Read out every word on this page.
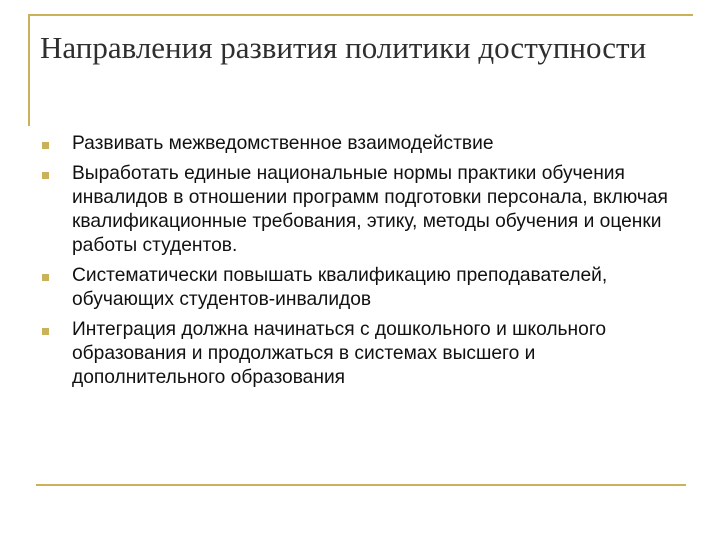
Направления развития политики доступности
Развивать межведомственное взаимодействие
Выработать единые национальные нормы практики обучения инвалидов в отношении программ подготовки персонала, включая квалификационные требования, этику, методы обучения и оценки работы студентов.
Систематически повышать квалификацию преподавателей, обучающих студентов-инвалидов
Интеграция должна начинаться с дошкольного и школьного образования и продолжаться в системах высшего и дополнительного образования
